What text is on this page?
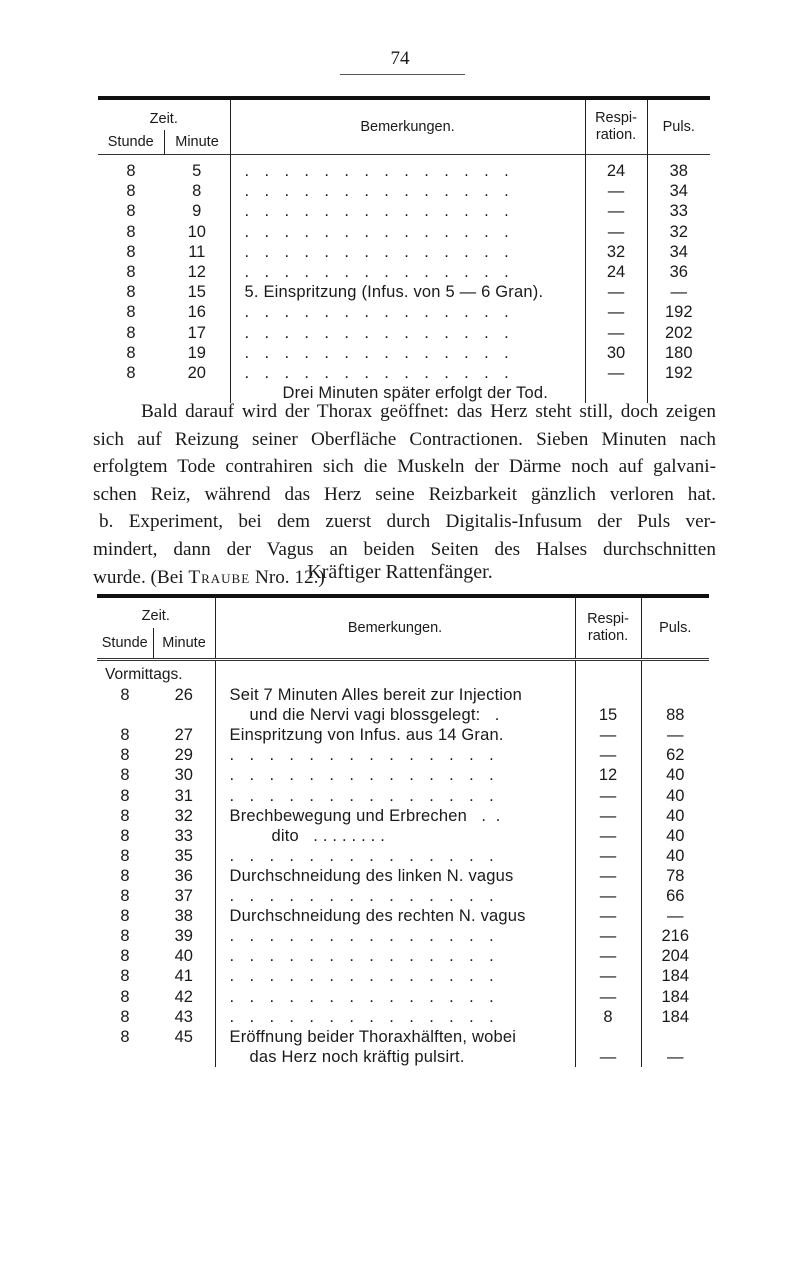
74
Zeit.		Bemerkungen.	Respi-
ration.	Puls.
Stunde	Minute			

8	5	. . . . . . . . . . . . . .	24	38
8	8	. . . . . . . . . . . . . .	—	34
8	9	. . . . . . . . . . . . . .	—	33
8	10	. . . . . . . . . . . . . .	—	32
8	11	. . . . . . . . . . . . . .	32	34
8	12	. . . . . . . . . . . . . .	24	36
8	15	5. Einspritzung (Infus. von 5 — 6 Gran).	—	—
8	16	. . . . . . . . . . . . . .	—	192
8	17	. . . . . . . . . . . . . .	—	202
8	19	. . . . . . . . . . . . . .	30	180
8	20	. . . . . . . . . . . . . .	—	192
		Drei Minuten später erfolgt der Tod.		
Bald darauf wird der Thorax geöffnet: das Herz steht still, doch zeigen
sich auf Reizung seiner Oberfläche Contractionen. Sieben Minuten nach
erfolgtem Tode contrahiren sich die Muskeln der Därme noch auf galvani-
schen Reiz, während das Herz seine Reizbarkeit gänzlich verloren hat.
b. Experiment, bei dem zuerst durch Digitalis-Infusum der Puls ver-
mindert, dann der Vagus an beiden Seiten des Halses durchschnitten
wurde. (Bei Traube Nro. 12.)
Kräftiger Rattenfänger.
Zeit.		Bemerkungen.	Respi-
ration.	Puls.
Stunde	Minute			

Vormittags.				
8	26	Seit 7 Minuten Alles bereit zur Injection		
		und die Nervi vagi blossgelegt:   .	15	88
8	27	Einspritzung von Infus. aus 14 Gran.	—	—
8	29	. . . . . . . . . . . . . .	—	62
8	30	. . . . . . . . . . . . . .	12	40
8	31	. . . . . . . . . . . . . .	—	40
8	32	Brechbewegung und Erbrechen   .  .	—	40
8	33	dito   . . . . . . . .	—	40
8	35	. . . . . . . . . . . . . .	—	40
8	36	Durchschneidung des linken N. vagus	—	78
8	37	. . . . . . . . . . . . . .	—	66
8	38	Durchschneidung des rechten N. vagus	—	—
8	39	. . . . . . . . . . . . . .	—	216
8	40	. . . . . . . . . . . . . .	—	204
8	41	. . . . . . . . . . . . . .	—	184
8	42	. . . . . . . . . . . . . .	—	184
8	43	. . . . . . . . . . . . . .	8	184
8	45	Eröffnung beider Thoraxhälften, wobei		
		das Herz noch kräftig pulsirt.	—	—
